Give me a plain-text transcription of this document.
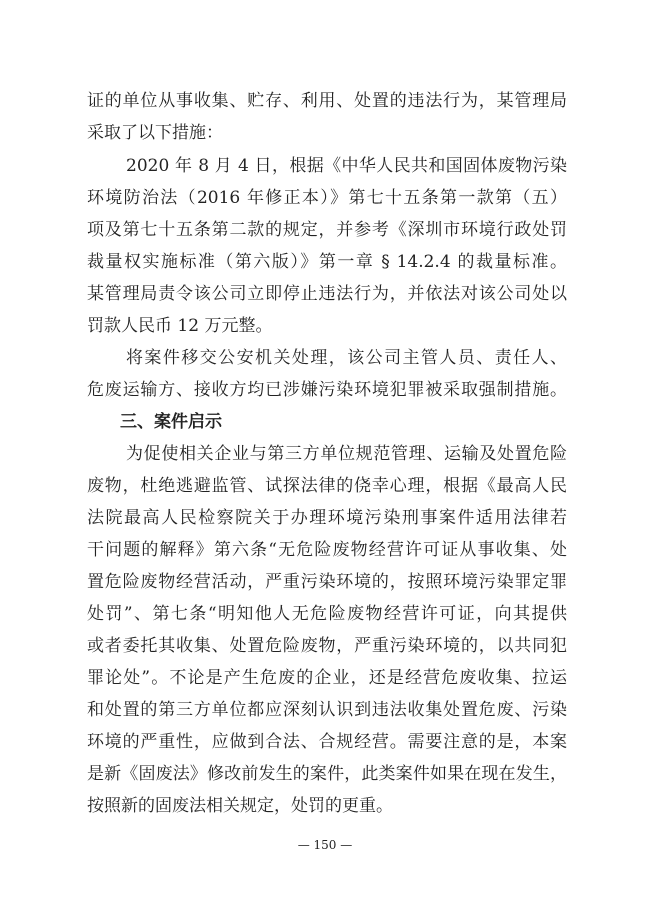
证的单位从事收集、贮存、利用、处置的违法行为，某管理局
采取了以下措施：
2020 年 8 月 4 日，根据《中华人民共和国固体废物污染
环境防治法（2016 年修正本）》第七十五条第一款第（五）
项及第七十五条第二款的规定，并参考《深圳市环境行政处罚
裁量权实施标准（第六版）》第一章 § 14.2.4 的裁量标准。
某管理局责令该公司立即停止违法行为，并依法对该公司处以
罚款人民币 12 万元整。
将案件移交公安机关处理，该公司主管人员、责任人、
危废运输方、接收方均已涉嫌污染环境犯罪被采取强制措施。
三、案件启示
为促使相关企业与第三方单位规范管理、运输及处置危险
废物，杜绝逃避监管、试探法律的侥幸心理，根据《最高人民
法院最高人民检察院关于办理环境污染刑事案件适用法律若
干问题的解释》第六条“无危险废物经营许可证从事收集、处
置危险废物经营活动，严重污染环境的，按照环境污染罪定罪
处罚”、第七条“明知他人无危险废物经营许可证，向其提供
或者委托其收集、处置危险废物，严重污染环境的，以共同犯
罪论处”。不论是产生危废的企业，还是经营危废收集、拉运
和处置的第三方单位都应深刻认识到违法收集处置危废、污染
环境的严重性，应做到合法、合规经营。需要注意的是，本案
是新《固废法》修改前发生的案件，此类案件如果在现在发生，
按照新的固废法相关规定，处罚的更重。
— 150 —
